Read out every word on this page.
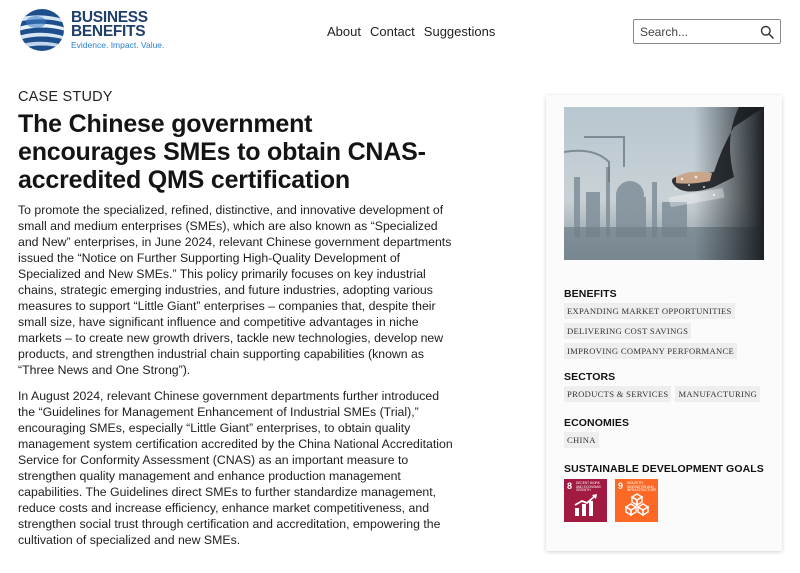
BUSINESS
BENEFITS
Evidence. Impact. Value.
About Contact Suggestions
Search...
CASE STUDY
The Chinese government encourages SMEs to obtain CNAS-accredited QMS certification

To promote the specialized, refined, distinctive, and innovative development of small and medium enterprises (SMEs), which are also known as “Specialized and New” enterprises, in June 2024, relevant Chinese government departments issued the “Notice on Further Supporting High-Quality Development of Specialized and New SMEs.” This policy primarily focuses on key industrial chains, strategic emerging industries, and future industries, adopting various measures to support “Little Giant” enterprises – companies that, despite their small size, have significant influence and competitive advantages in niche markets – to create new growth drivers, tackle new technologies, develop new products, and strengthen industrial chain supporting capabilities (known as “Three News and One Strong”).

In August 2024, relevant Chinese government departments further introduced the “Guidelines for Management Enhancement of Industrial SMEs (Trial),” encouraging SMEs, especially “Little Giant” enterprises, to obtain quality management system certification accredited by the China National Accreditation Service for Conformity Assessment (CNAS) as an important measure to strengthen quality management and enhance production management capabilities. The Guidelines direct SMEs to further standardize management, reduce costs and increase efficiency, enhance market competitiveness, and strengthen social trust through certification and accreditation, empowering the cultivation of specialized and new SMEs.

BENEFITS
EXPANDING MARKET OPPORTUNITIES
DELIVERING COST SAVINGS
IMPROVING COMPANY PERFORMANCE
SECTORS
PRODUCTS & SERVICES	MANUFACTURING
ECONOMIES
CHINA
SUSTAINABLE DEVELOPMENT GOALS
8 DECENT WORK AND ECONOMIC GROWTH	9 INDUSTRY, INNOVATION AND INFRASTRUCTURE
